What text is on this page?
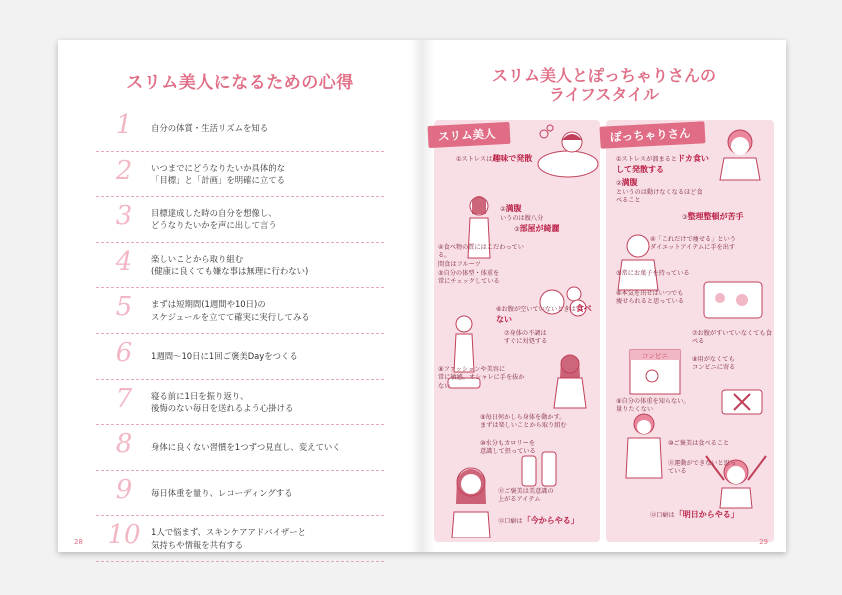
スリム美人になるための心得
1	自分の体質・生活リズムを知る
2	いつまでにどうなりたいか具体的な
「目標」と「計画」を明確に立てる
3	目標達成した時の自分を想像し、
どうなりたいかを声に出して言う
4	楽しいことから取り組む
(健康に良くても嫌な事は無理に行わない)
5	まずは短期間(1週間や10日)の
スケジュールを立てて確実に実行してみる
6	1週間～10日に1回ご褒美Dayをつくる
7	寝る前に1日を振り返り、
後悔のない毎日を送れるよう心掛ける
8	身体に良くない習慣を1つずつ見直し、変えていく
9	毎日体重を量り、レコーディングする
10 1人で悩まず、スキンケアアドバイザーと
気持ちや情報を共有する
28
スリム美人とぽっちゃりさんの
ライフスタイル
スリム美人
①ストレスは趣味で発散
②満腹
いうのは腹八分
③部屋が綺麗
④食べ物の質にはこだわっている。
間食はフルーツ
⑤自分の体型・体重を
常にチェックしている
⑥お腹が空いていないときは食べない
⑦身体の不調は
すぐに対処する
⑧ファッションや美容に
常に敏感。オシャレに手を抜かない
⑨毎日何かしら身体を動かす。
まずは楽しいことから取り組む
⑩水分もカロリーを
意識して摂っている
⑪ご褒美は美意識の
上がるアイテム
⑫口癖は「今からやる」
ぽっちゃりさん
コンビニ
①ストレスが溜まるとドカ食いして発散する
②満腹
というのは動けなくなるほど食べること
③整理整頓が苦手
④「これだけで痩せる」という
ダイエットアイテムに手を出す
⑤常にお菓子を持っている
⑥本気を出せばいつでも
痩せられると思っている
⑦お腹がすいていなくても食べる
⑧用がなくても
コンビニに寄る
⑨自分の体重を知らない。
量りたくない
⑩ご褒美は食べること
⑪運動ができないと思っている
⑫口癖は「明日からやる」
29
